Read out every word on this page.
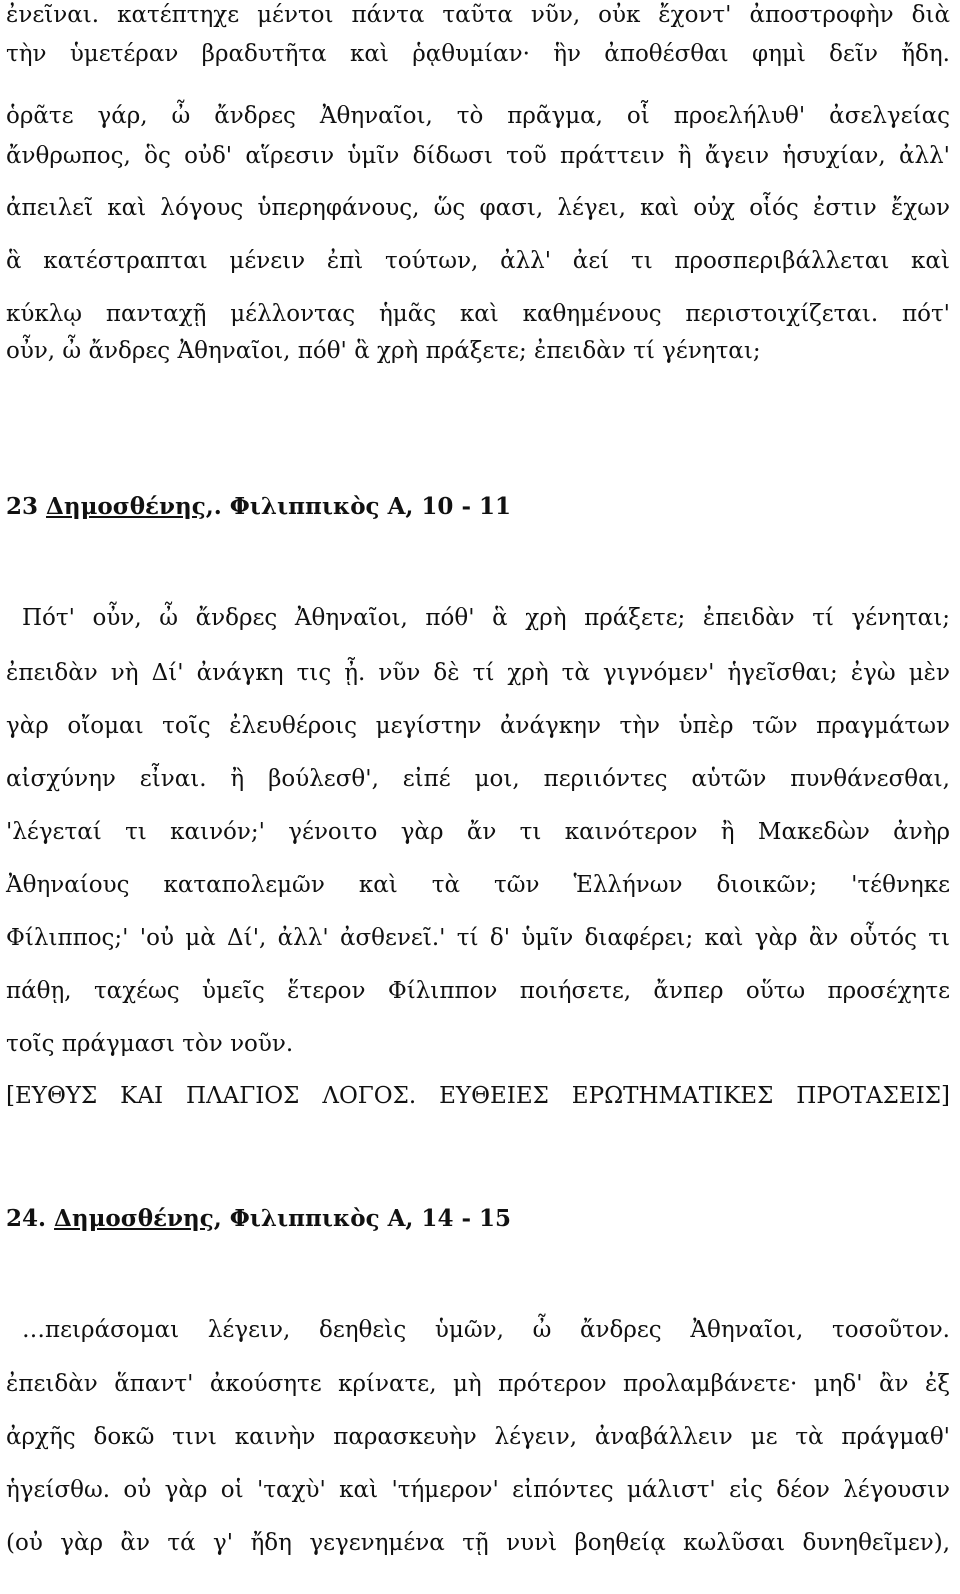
ἐνεῖναι. κατέπτηχε μέντοι πάντα ταῦτα νῦν, οὐκ ἔχοντ' ἀποστροφὴν διὰ
τὴν ὑμετέραν βραδυτῆτα καὶ ῥᾳθυμίαν· ἣν ἀποθέσθαι φημὶ δεῖν ἤδη.
ὁρᾶτε γάρ, ὦ ἄνδρες Ἀθηναῖοι, τὸ πρᾶγμα, οἷ προελήλυθ' ἀσελγείας
ἄνθρωπος, ὃς οὐδ' αἵρεσιν ὑμῖν δίδωσι τοῦ πράττειν ἢ ἄγειν ἡσυχίαν, ἀλλ'
ἀπειλεῖ καὶ λόγους ὑπερηφάνους, ὥς φασι, λέγει, καὶ οὐχ οἷός ἐστιν ἔχων
ἃ κατέστραπται μένειν ἐπὶ τούτων, ἀλλ' ἀεί τι προσπεριβάλλεται καὶ
κύκλῳ πανταχῇ μέλλοντας ἡμᾶς καὶ καθημένους περιστοιχίζεται. πότ'
οὖν, ὦ ἄνδρες Ἀθηναῖοι, πόθ' ἃ χρὴ πράξετε; ἐπειδὰν τί γένηται;
23 Δημοσθένης,. Φιλιππικὸς Α, 10 - 11
Πότ' οὖν, ὦ ἄνδρες Ἀθηναῖοι, πόθ' ἃ χρὴ πράξετε; ἐπειδὰν τί γένηται;
ἐπειδὰν νὴ Δί' ἀνάγκη τις ᾖ. νῦν δὲ τί χρὴ τὰ γιγνόμεν' ἡγεῖσθαι; ἐγὼ μὲν
γὰρ οἴομαι τοῖς ἐλευθέροις μεγίστην ἀνάγκην τὴν ὑπὲρ τῶν πραγμάτων
αἰσχύνην εἶναι. ἢ βούλεσθ', εἰπέ μοι, περιιόντες αὑτῶν πυνθάνεσθαι,
'λέγεταί τι καινόν;' γένοιτο γὰρ ἄν τι καινότερον ἢ Μακεδὼν ἀνὴρ
Ἀθηναίους καταπολεμῶν καὶ τὰ τῶν Ἑλλήνων διοικῶν; 'τέθνηκε
Φίλιππος;' 'οὐ μὰ Δί', ἀλλ' ἀσθενεῖ.' τί δ' ὑμῖν διαφέρει; καὶ γὰρ ἂν οὗτός τι
πάθῃ, ταχέως ὑμεῖς ἕτερον Φίλιππον ποιήσετε, ἄνπερ οὕτω προσέχητε
τοῖς πράγμασι τὸν νοῦν.
[ΕΥΘΥΣ ΚΑΙ ΠΛΑΓΙΟΣ ΛΟΓΟΣ. ΕΥΘΕΙΕΣ ΕΡΩΤΗΜΑΤΙΚΕΣ ΠΡΟΤΑΣΕΙΣ]
24. Δημοσθένης, Φιλιππικὸς Α, 14 - 15
…πειράσομαι λέγειν, δεηθεὶς ὑμῶν, ὦ ἄνδρες Ἀθηναῖοι, τοσοῦτον.
ἐπειδὰν ἅπαντ' ἀκούσητε κρίνατε, μὴ πρότερον προλαμβάνετε· μηδ' ἂν ἐξ
ἀρχῆς δοκῶ τινι καινὴν παρασκευὴν λέγειν, ἀναβάλλειν με τὰ πράγμαθ'
ἡγείσθω. οὐ γὰρ οἱ 'ταχὺ' καὶ 'τήμερον' εἰπόντες μάλιστ' εἰς δέον λέγουσιν
(οὐ γὰρ ἂν τά γ' ἤδη γεγενημένα τῇ νυνὶ βοηθείᾳ κωλῦσαι δυνηθεῖμεν),
